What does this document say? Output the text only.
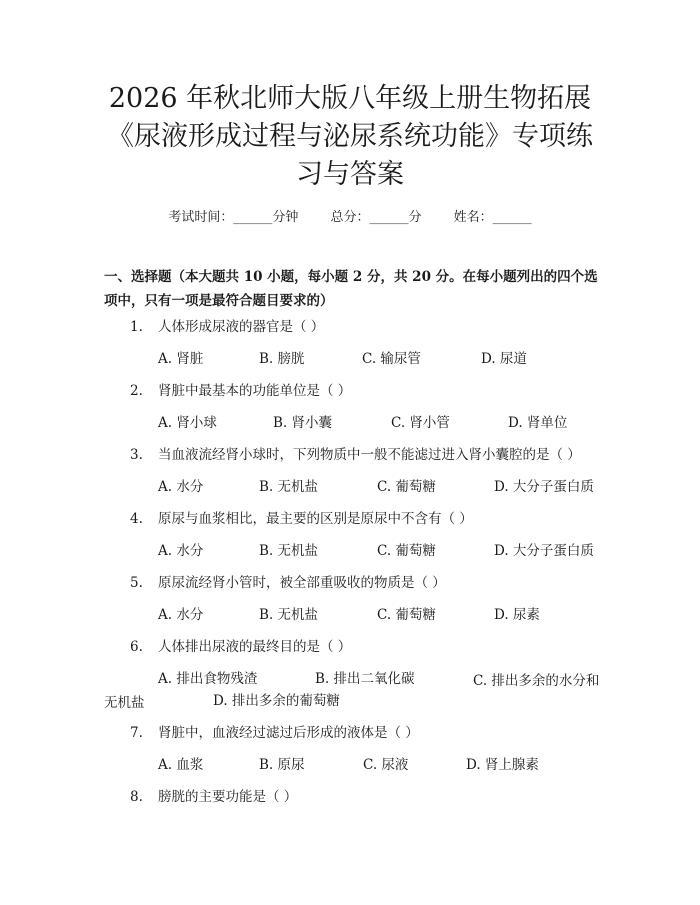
2026 年秋北师大版八年级上册生物拓展《尿液形成过程与泌尿系统功能》专项练习与答案
考试时间：______分钟 总分：______分 姓名：______
一、选择题（本大题共 10 小题，每小题 2 分，共 20 分。在每小题列出的四个选项中，只有一项是最符合题目要求的）
1. 人体形成尿液的器官是（ ）
A. 肾脏	B. 膀胱	C. 输尿管	D. 尿道
2. 肾脏中最基本的功能单位是（ ）
A. 肾小球	B. 肾小囊	C. 肾小管	D. 肾单位
3. 当血液流经肾小球时，下列物质中一般不能滤过进入肾小囊腔的是（ ）
A. 水分	B. 无机盐	C. 葡萄糖	D. 大分子蛋白质
4. 原尿与血浆相比，最主要的区别是原尿中不含有（ ）
A. 水分	B. 无机盐	C. 葡萄糖	D. 大分子蛋白质
5. 原尿流经肾小管时，被全部重吸收的物质是（ ）
A. 水分	B. 无机盐	C. 葡萄糖	D. 尿素
6. 人体排出尿液的最终目的是（ ）
A. 排出食物残渣	B. 排出二氧化碳	C. 排出多余的水分和无机盐	D. 排出多余的葡萄糖
7. 肾脏中，血液经过滤过后形成的液体是（ ）
A. 血浆	B. 原尿	C. 尿液	D. 肾上腺素
8. 膀胱的主要功能是（ ）
